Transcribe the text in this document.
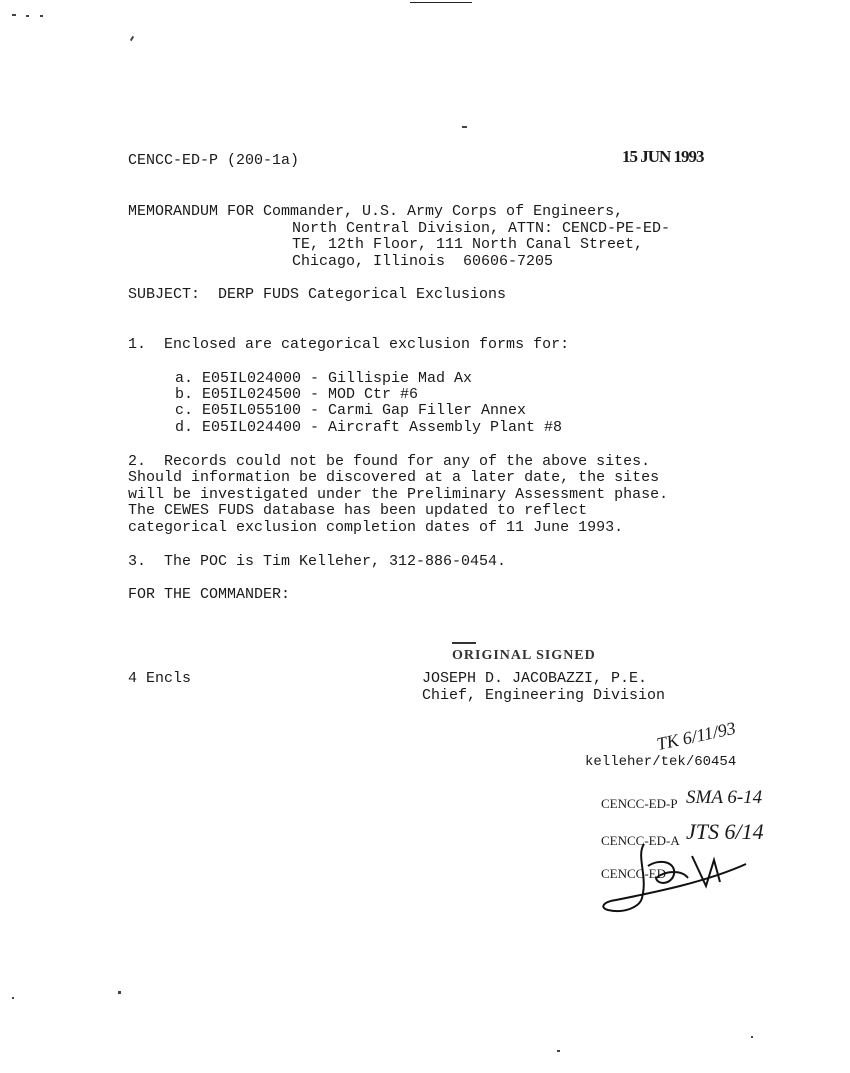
CENCC-ED-P (200-1a)	15 JUN 1993
MEMORANDUM FOR Commander, U.S. Army Corps of Engineers,
North Central Division, ATTN: CENCD-PE-ED-
TE, 12th Floor, 111 North Canal Street,
Chicago, Illinois  60606-7205
SUBJECT:  DERP FUDS Categorical Exclusions
1.  Enclosed are categorical exclusion forms for:
a. E05IL024000 - Gillispie Mad Ax
b. E05IL024500 - MOD Ctr #6
c. E05IL055100 - Carmi Gap Filler Annex
d. E05IL024400 - Aircraft Assembly Plant #8
2.  Records could not be found for any of the above sites.
Should information be discovered at a later date, the sites
will be investigated under the Preliminary Assessment phase.
The CEWES FUDS database has been updated to reflect
categorical exclusion completion dates of 11 June 1993.
3.  The POC is Tim Kelleher, 312-886-0454.
FOR THE COMMANDER:
ORIGINAL SIGNED
4 Encls	JOSEPH D. JACOBAZZI, P.E.
Chief, Engineering Division
TK 6/11/93
kelleher/tek/60454
CENCC-ED-P SMA 6-14
CENCC-ED-A JTS 6/14
CENCC-ED
